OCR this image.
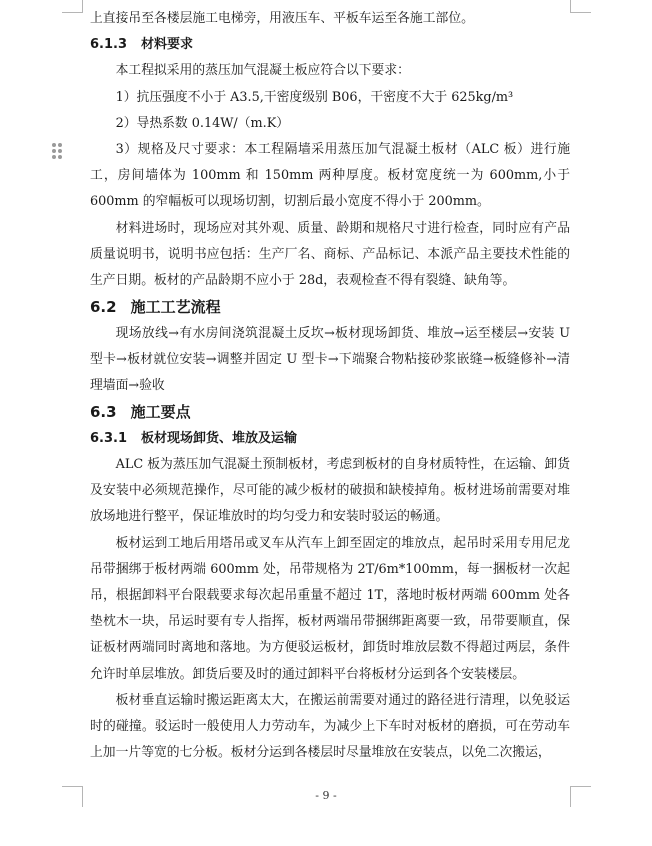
上直接吊至各楼层施工电梯旁，用液压车、平板车运至各施工部位。

6.1.3 材料要求

本工程拟采用的蒸压加气混凝土板应符合以下要求：

1）抗压强度不小于 A3.5,干密度级别 B06，干密度不大于 625kg/m³

2）导热系数 0.14W/（m.K）

3）规格及尺寸要求：本工程隔墙采用蒸压加气混凝土板材（ALC 板）进行施工，房间墙体为 100mm 和 150mm 两种厚度。板材宽度统一为 600mm,小于 600mm 的窄幅板可以现场切割，切割后最小宽度不得小于 200mm。

材料进场时，现场应对其外观、质量、龄期和规格尺寸进行检查，同时应有产品质量说明书，说明书应包括：生产厂名、商标、产品标记、本派产品主要技术性能的生产日期。板材的产品龄期不应小于 28d，表观检查不得有裂缝、缺角等。

6.2 施工工艺流程

现场放线→有水房间浇筑混凝土反坎→板材现场卸货、堆放→运至楼层→安装 U 型卡→板材就位安装→调整并固定 U 型卡→下端聚合物粘接砂浆嵌缝→板缝修补→清理墙面→验收

6.3 施工要点
6.3.1 板材现场卸货、堆放及运输

ALC 板为蒸压加气混凝土预制板材，考虑到板材的自身材质特性，在运输、卸货及安装中必须规范操作，尽可能的减少板材的破损和缺棱掉角。板材进场前需要对堆放场地进行整平，保证堆放时的均匀受力和安装时驳运的畅通。

板材运到工地后用塔吊或叉车从汽车上卸至固定的堆放点，起吊时采用专用尼龙吊带捆绑于板材两端 600mm 处，吊带规格为 2T/6m*100mm，每一捆板材一次起吊，根据卸料平台限载要求每次起吊重量不超过 1T，落地时板材两端 600mm 处各垫枕木一块，吊运时要有专人指挥，板材两端吊带捆绑距离要一致，吊带要顺直，保证板材两端同时离地和落地。为方便驳运板材，卸货时堆放层数不得超过两层，条件允许时单层堆放。卸货后要及时的通过卸料平台将板材分运到各个安装楼层。

板材垂直运输时搬运距离太大，在搬运前需要对通过的路径进行清理，以免驳运时的碰撞。驳运时一般使用人力劳动车，为减少上下车时对板材的磨损，可在劳动车上加一片等宽的七分板。板材分运到各楼层时尽量堆放在安装点，以免二次搬运，

- 9 -
